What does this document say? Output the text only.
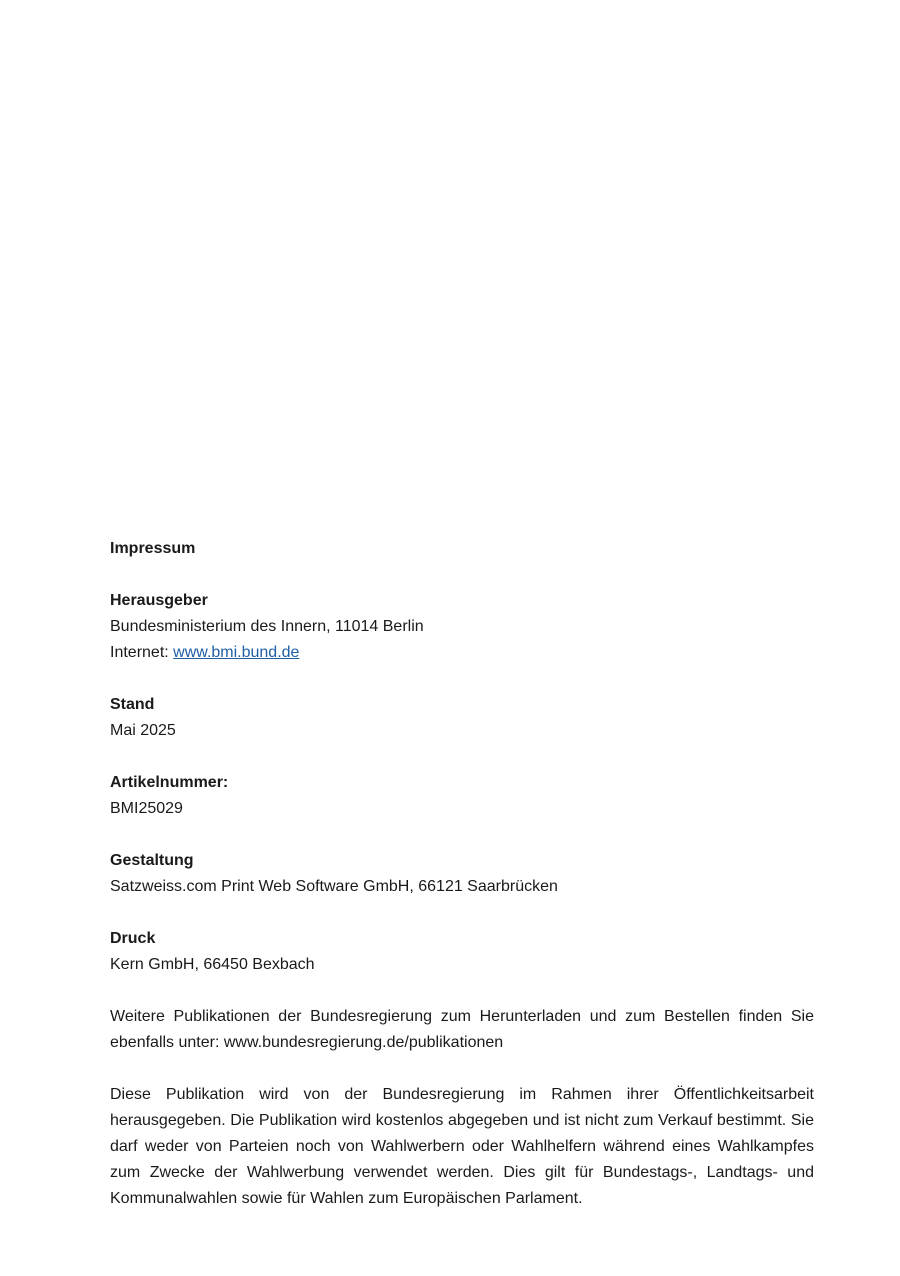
Impressum
Herausgeber
Bundesministerium des Innern, 11014 Berlin
Internet: www.bmi.bund.de
Stand
Mai 2025
Artikelnummer:
BMI25029
Gestaltung
Satzweiss.com Print Web Software GmbH, 66121 Saarbrücken
Druck
Kern GmbH, 66450 Bexbach

Weitere Publikationen der Bundesregierung zum Herunterladen und zum Bestellen finden Sie ebenfalls unter: www.bundesregierung.de/publikationen

Diese Publikation wird von der Bundesregierung im Rahmen ihrer Öffentlichkeitsarbeit herausgegeben. Die Publikation wird kostenlos abgegeben und ist nicht zum Verkauf bestimmt. Sie darf weder von Parteien noch von Wahlwerbern oder Wahlhelfern während eines Wahlkampfes zum Zwecke der Wahlwerbung verwendet werden. Dies gilt für Bundestags-, Landtags- und Kommunalwahlen sowie für Wahlen zum Europäischen Parlament.
